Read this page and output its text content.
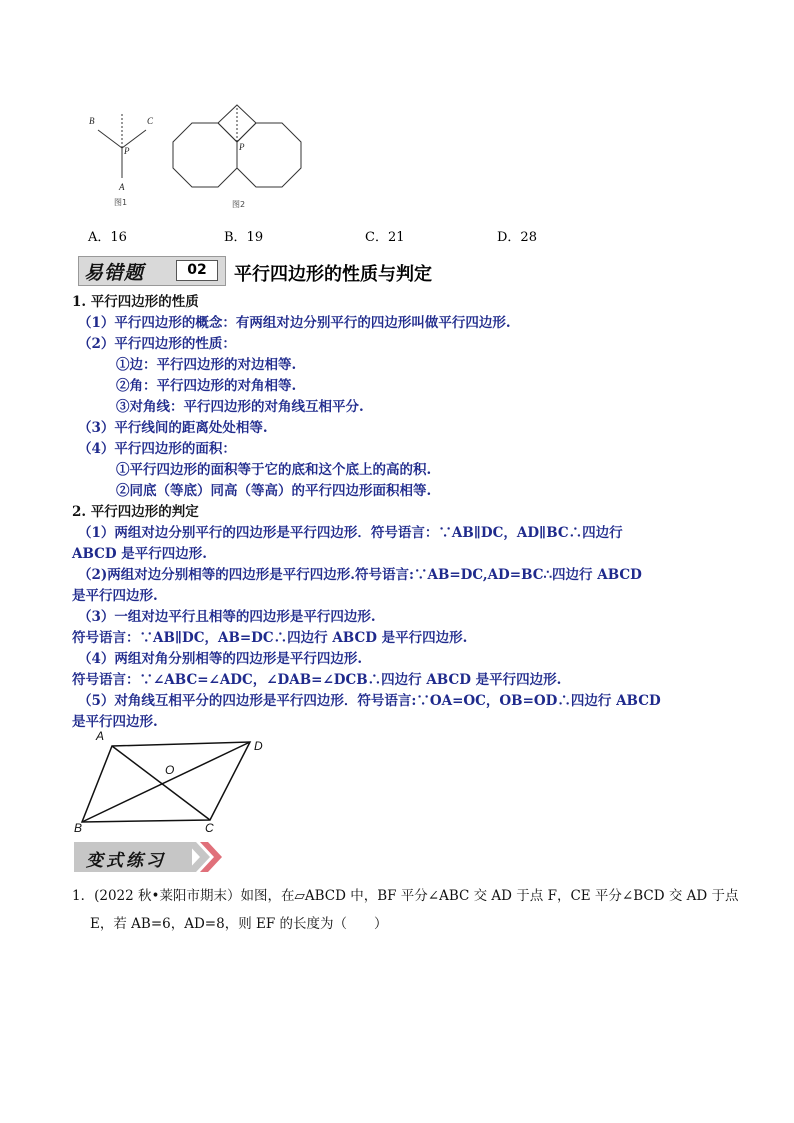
B	C
P
A
图1
P
图2
A．16	B．19	C．21	D．28
易错题	02	平行四边形的性质与判定
1. 平行四边形的性质
（1）平行四边形的概念：有两组对边分别平行的四边形叫做平行四边形.
（2）平行四边形的性质：
①边：平行四边形的对边相等.
②角：平行四边形的对角相等.
③对角线：平行四边形的对角线互相平分.
（3）平行线间的距离处处相等.
（4）平行四边形的面积：
①平行四边形的面积等于它的底和这个底上的高的积.
②同底（等底）同高（等高）的平行四边形面积相等.
2. 平行四边形的判定
（1）两组对边分别平行的四边形是平行四边形．符号语言：∵AB∥DC，AD∥BC∴四边行
ABCD 是平行四边形.
（2)两组对边分别相等的四边形是平行四边形.符号语言:∵AB=DC,AD=BC∴四边行 ABCD
是平行四边形.
（3）一组对边平行且相等的四边形是平行四边形.
符号语言：∵AB∥DC，AB=DC∴四边行 ABCD 是平行四边形.
（4）两组对角分别相等的四边形是平行四边形.
符号语言：∵∠ABC=∠ADC，∠DAB=∠DCB∴四边行 ABCD 是平行四边形.
（5）对角线互相平分的四边形是平行四边形．符号语言:∵OA=OC，OB=OD∴四边行 ABCD
是平行四边形.
A
D
O
B	C
变式练习
1．(2022 秋•莱阳市期末）如图，在▱ABCD 中，BF 平分∠ABC 交 AD 于点 F，CE 平分∠BCD 交 AD 于点
E，若 AB=6，AD=8，则 EF 的长度为（　　）
